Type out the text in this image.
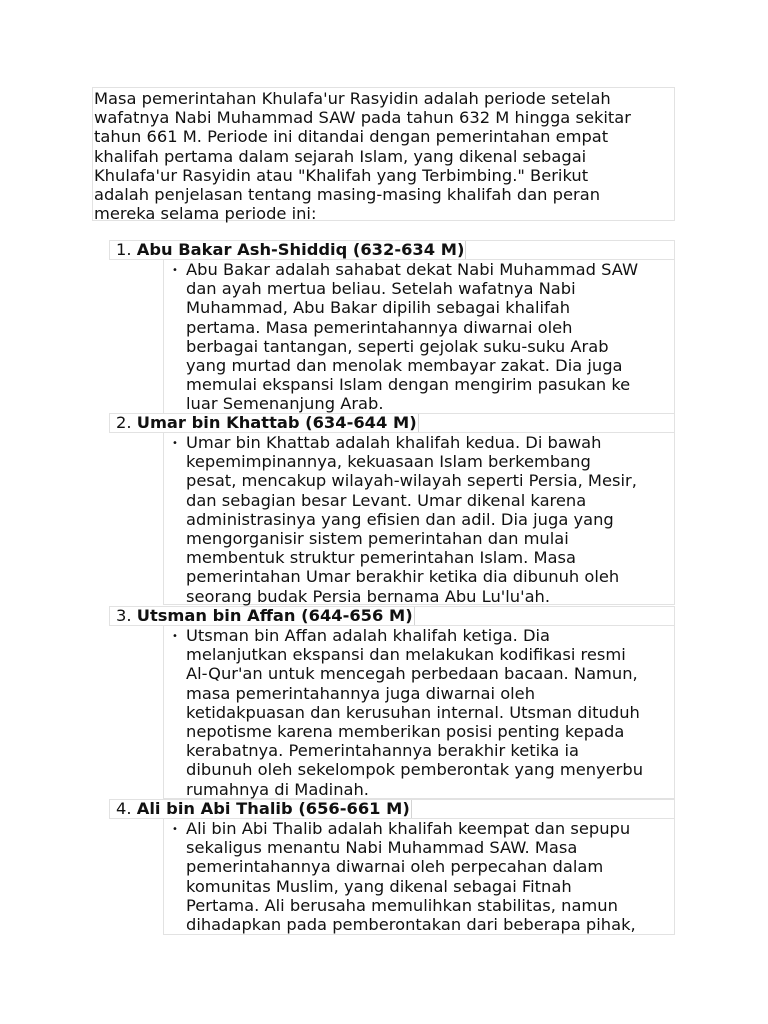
Masa pemerintahan Khulafa'ur Rasyidin adalah periode setelah
wafatnya Nabi Muhammad SAW pada tahun 632 M hingga sekitar
tahun 661 M. Periode ini ditandai dengan pemerintahan empat
khalifah pertama dalam sejarah Islam, yang dikenal sebagai
Khulafa'ur Rasyidin atau "Khalifah yang Terbimbing." Berikut
adalah penjelasan tentang masing-masing khalifah dan peran
mereka selama periode ini:
1. Abu Bakar Ash-Shiddiq (632-634 M)
• Abu Bakar adalah sahabat dekat Nabi Muhammad SAW
dan ayah mertua beliau. Setelah wafatnya Nabi
Muhammad, Abu Bakar dipilih sebagai khalifah
pertama. Masa pemerintahannya diwarnai oleh
berbagai tantangan, seperti gejolak suku-suku Arab
yang murtad dan menolak membayar zakat. Dia juga
memulai ekspansi Islam dengan mengirim pasukan ke
luar Semenanjung Arab.
2. Umar bin Khattab (634-644 M)
• Umar bin Khattab adalah khalifah kedua. Di bawah
kepemimpinannya, kekuasaan Islam berkembang
pesat, mencakup wilayah-wilayah seperti Persia, Mesir,
dan sebagian besar Levant. Umar dikenal karena
administrasinya yang efisien dan adil. Dia juga yang
mengorganisir sistem pemerintahan dan mulai
membentuk struktur pemerintahan Islam. Masa
pemerintahan Umar berakhir ketika dia dibunuh oleh
seorang budak Persia bernama Abu Lu'lu'ah.
3. Utsman bin Affan (644-656 M)
• Utsman bin Affan adalah khalifah ketiga. Dia
melanjutkan ekspansi dan melakukan kodifikasi resmi
Al-Qur'an untuk mencegah perbedaan bacaan. Namun,
masa pemerintahannya juga diwarnai oleh
ketidakpuasan dan kerusuhan internal. Utsman dituduh
nepotisme karena memberikan posisi penting kepada
kerabatnya. Pemerintahannya berakhir ketika ia
dibunuh oleh sekelompok pemberontak yang menyerbu
rumahnya di Madinah.
4. Ali bin Abi Thalib (656-661 M)
• Ali bin Abi Thalib adalah khalifah keempat dan sepupu
sekaligus menantu Nabi Muhammad SAW. Masa
pemerintahannya diwarnai oleh perpecahan dalam
komunitas Muslim, yang dikenal sebagai Fitnah
Pertama. Ali berusaha memulihkan stabilitas, namun
dihadapkan pada pemberontakan dari beberapa pihak,
